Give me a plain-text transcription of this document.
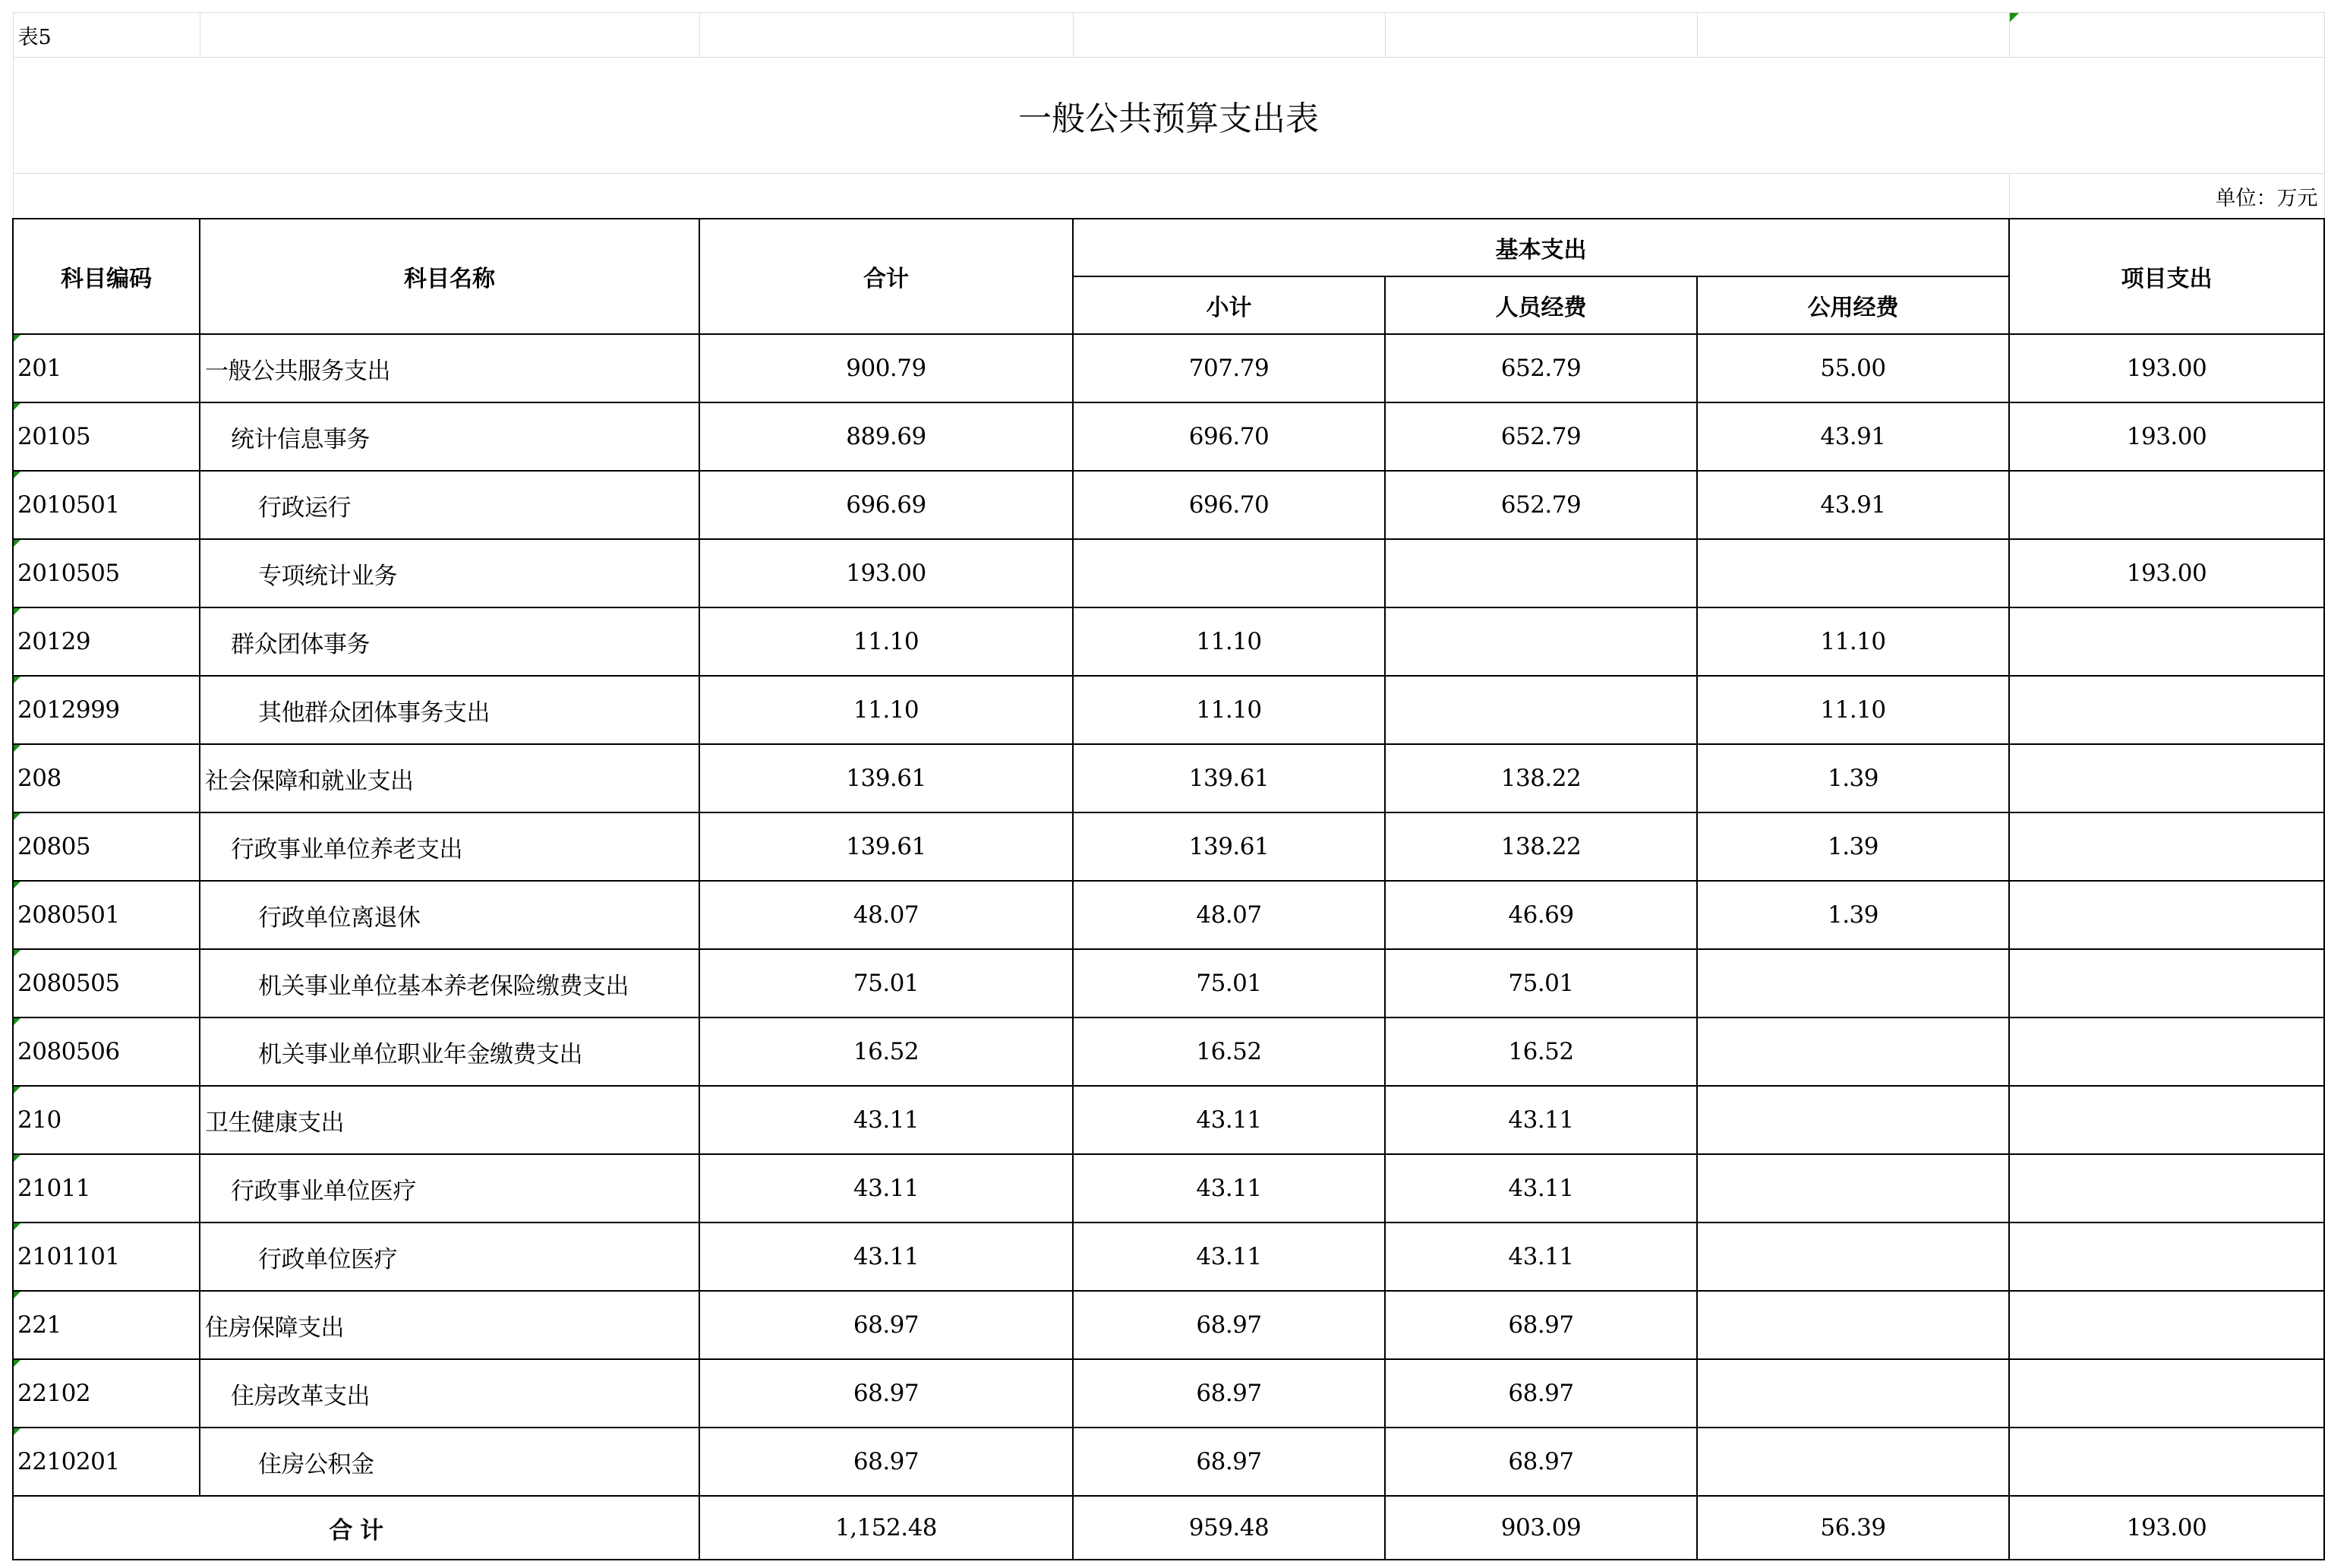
表5						

一般公共预算支出表						
						单位：万元
科目编码	科目名称	合计	基本支出			项目支出
			小计	人员经费	公用经费	

201	一般公共服务支出	900.79	707.79	652.79	55.00	193.00

20105	统计信息事务	889.69	696.70	652.79	43.91	193.00

2010501	行政运行	696.69	696.70	652.79	43.91	

2010505	专项统计业务	193.00				193.00

20129	群众团体事务	11.10	11.10		11.10	

2012999	其他群众团体事务支出	11.10	11.10		11.10	

208	社会保障和就业支出	139.61	139.61	138.22	1.39	

20805	行政事业单位养老支出	139.61	139.61	138.22	1.39	

2080501	行政单位离退休	48.07	48.07	46.69	1.39	

2080505	机关事业单位基本养老保险缴费支出	75.01	75.01	75.01		

2080506	机关事业单位职业年金缴费支出	16.52	16.52	16.52		

210	卫生健康支出	43.11	43.11	43.11		

21011	行政事业单位医疗	43.11	43.11	43.11		

2101101	行政单位医疗	43.11	43.11	43.11		

221	住房保障支出	68.97	68.97	68.97		

22102	住房改革支出	68.97	68.97	68.97		

2210201	住房公积金	68.97	68.97	68.97		
合 计		1,152.48	959.48	903.09	56.39	193.00
